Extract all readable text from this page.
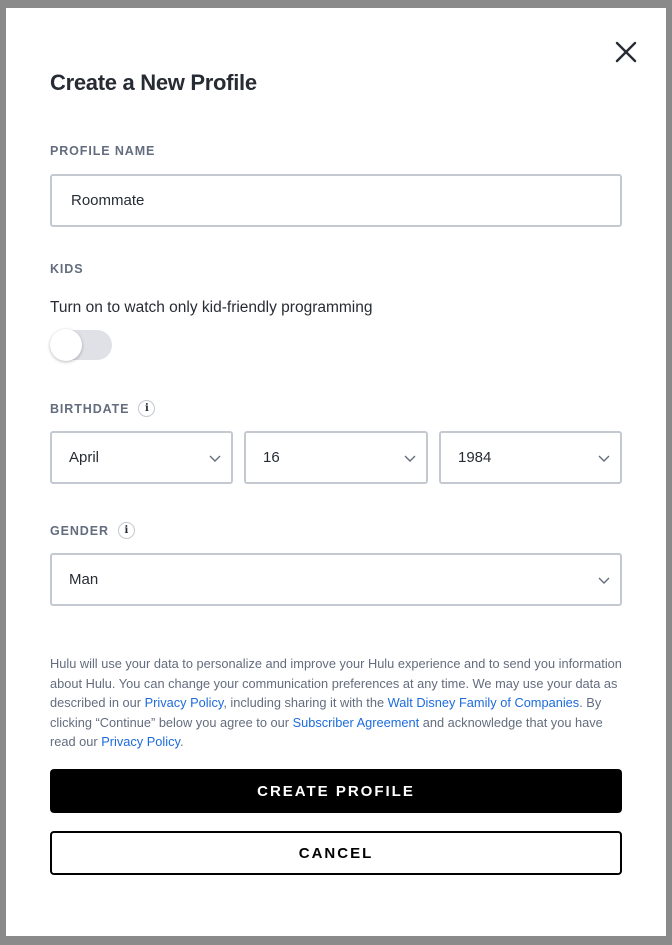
Create a New Profile
PROFILE NAME
Roommate
KIDS
Turn on to watch only kid-friendly programming
BIRTHDATE	i
April	16	1984
GENDER	i
Man

Hulu will use your data to personalize and improve your Hulu experience and to send you information about Hulu. You can change your communication preferences at any time. We may use your data as described in our Privacy Policy, including sharing it with the Walt Disney Family of Companies. By clicking “Continue” below you agree to our Subscriber Agreement and acknowledge that you have read our Privacy Policy.

CREATE PROFILE
CANCEL
